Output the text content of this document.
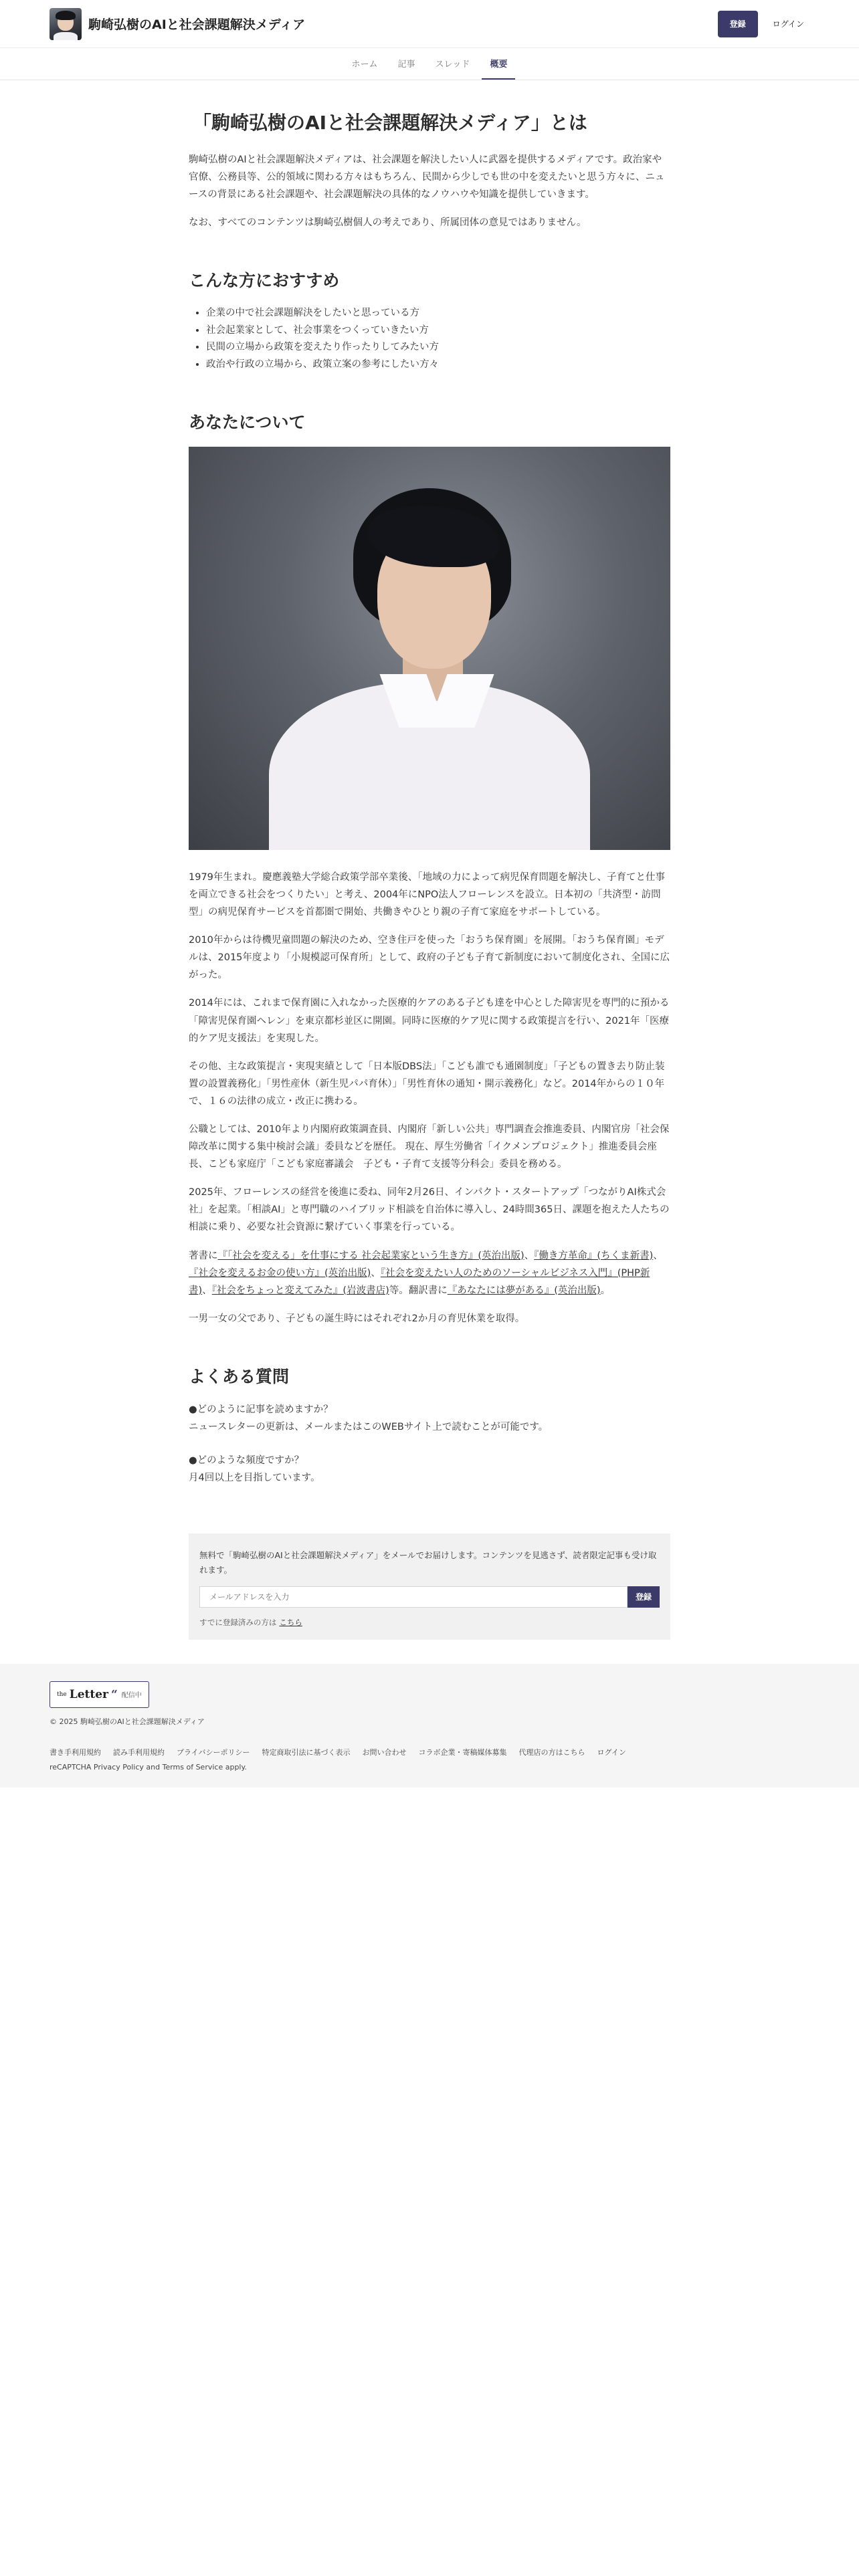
駒崎弘樹のAIと社会課題解決メディア	登録	ログイン
ホーム	記事	スレッド	概要
「駒崎弘樹のAIと社会課題解決メディア」とは

駒崎弘樹のAIと社会課題解決メディアは、社会課題を解決したい人に武器を提供するメディアです。政治家や官僚、公務員等、公的領域に関わる方々はもちろん、民間から少しでも世の中を変えたいと思う方々に、ニュースの背景にある社会課題や、社会課題解決の具体的なノウハウや知識を提供していきます。

なお、すべてのコンテンツは駒崎弘樹個人の考えであり、所属団体の意見ではありません。

こんな方におすすめ
• 企業の中で社会課題解決をしたいと思っている方
• 社会起業家として、社会事業をつくっていきたい方
• 民間の立場から政策を変えたり作ったりしてみたい方
• 政治や行政の立場から、政策立案の参考にしたい方々
あなたについて

1979年生まれ。慶應義塾大学総合政策学部卒業後、「地域の力によって病児保育問題を解決し、子育てと仕事を両立できる社会をつくりたい」と考え、2004年にNPO法人フローレンスを設立。日本初の「共済型・訪問型」の病児保育サービスを首都圏で開始、共働きやひとり親の子育て家庭をサポートしている。

2010年からは待機児童問題の解決のため、空き住戸を使った「おうち保育園」を展開。「おうち保育園」モデルは、2015年度より「小規模認可保育所」として、政府の子ども子育て新制度において制度化され、全国に広がった。

2014年には、これまで保育園に入れなかった医療的ケアのある子ども達を中心とした障害児を専門的に預かる「障害児保育園ヘレン」を東京都杉並区に開園。同時に医療的ケア児に関する政策提言を行い、2021年「医療的ケア児支援法」を実現した。

その他、主な政策提言・実現実績として「日本版DBS法」「こども誰でも通園制度」「子どもの置き去り防止装置の設置義務化」「男性産休（新生児パパ育休）」「男性育休の通知・開示義務化」など。2014年からの１０年で、１６の法律の成立・改正に携わる。

公職としては、2010年より内閣府政策調査員、内閣府「新しい公共」専門調査会推進委員、内閣官房「社会保障改革に関する集中検討会議」委員などを歴任。 現在、厚生労働省「イクメンプロジェクト」推進委員会座長、こども家庭庁「こども家庭審議会　子ども・子育て支援等分科会」委員を務める。

2025年、フローレンスの経営を後進に委ね、同年2月26日、インパクト・スタートアップ「つながりAI株式会社」を起業。「相談AI」と専門職のハイブリッド相談を自治体に導入し、24時間365日、課題を抱えた人たちの相談に乗り、必要な社会資源に繋げていく事業を行っている。

著書に『「社会を変える」を仕事にする 社会起業家という生き方』(英治出版)、『働き方革命』(ちくま新書)、『社会を変えるお金の使い方』(英治出版)、『社会を変えたい人のためのソーシャルビジネス入門』(PHP新書)、『社会をちょっと変えてみた』(岩波書店)等。翻訳書に『あなたには夢がある』(英治出版)。

一男一女の父であり、子どもの誕生時にはそれぞれ2か月の育児休業を取得。

よくある質問
●どのように記事を読めますか？
ニュースレターの更新は、メールまたはこのWEBサイト上で読むことが可能です。
●どのような頻度ですか？
月4回以上を目指しています。

無料で「駒崎弘樹のAIと社会課題解決メディア」をメールでお届けします。コンテンツを見逃さず、読者限定記事も受け取れます。

メールアドレスを入力
登録
すでに登録済みの方は こちら
the Letter “ 配信中
© 2025 駒崎弘樹のAIと社会課題解決メディア
書き手利用規約 読み手利用規約 プライバシーポリシー 特定商取引法に基づく表示 お問い合わせ コラボ企業・寄稿媒体募集 代理店の方はこちら ログイン
reCAPTCHA Privacy Policy and Terms of Service apply.
